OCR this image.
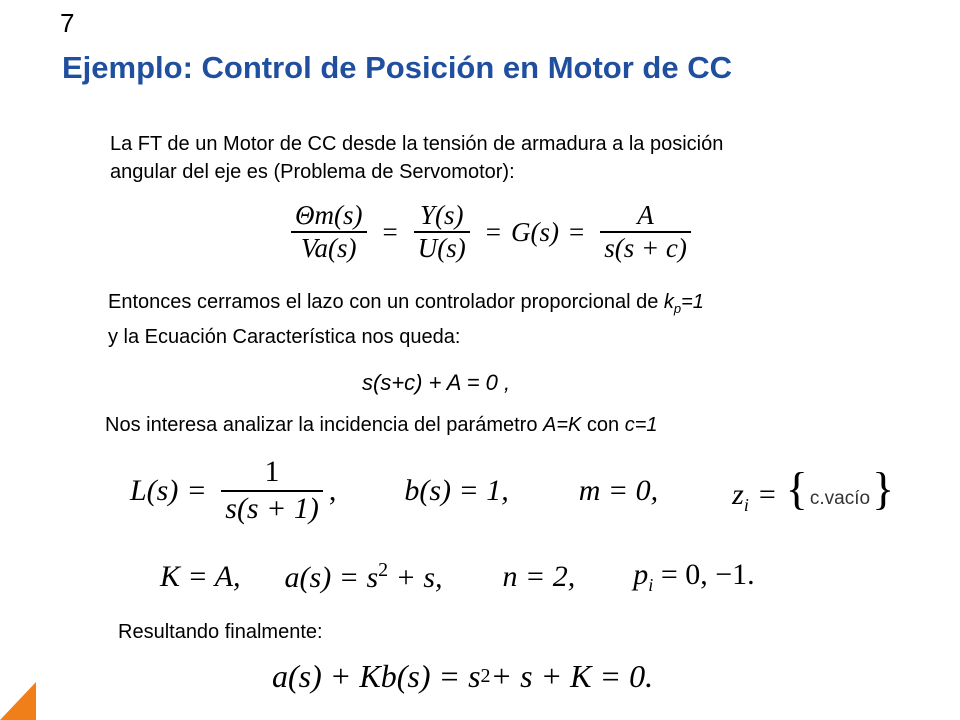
7
Ejemplo: Control de Posición en Motor de CC
La FT de un Motor de CC desde la tensión de armadura a la posición
angular del eje es (Problema de Servomotor):
$\frac{\Theta m(s)}{Va(s)} = \frac{Y(s)}{U(s)} = G(s) = \frac{A}{s(s + c)}$
Entonces cerramos el lazo con un controlador proporcional de $k_p=1$
y la Ecuación Característica nos queda:
s(s+c) + A = 0 ,
Nos interesa analizar la incidencia del parámetro A=K con c=1
$L(s) = \frac{1}{s(s + 1)}$ , b(s) = 1, m = 0, $z_i$ = { c.vacío}
K = A, $a(s) = s^2 + s$, n = 2, $p_i = 0$, −1.
Resultando finalmente:
a(s) + Kb(s) = s 2 + s + K = 0.
